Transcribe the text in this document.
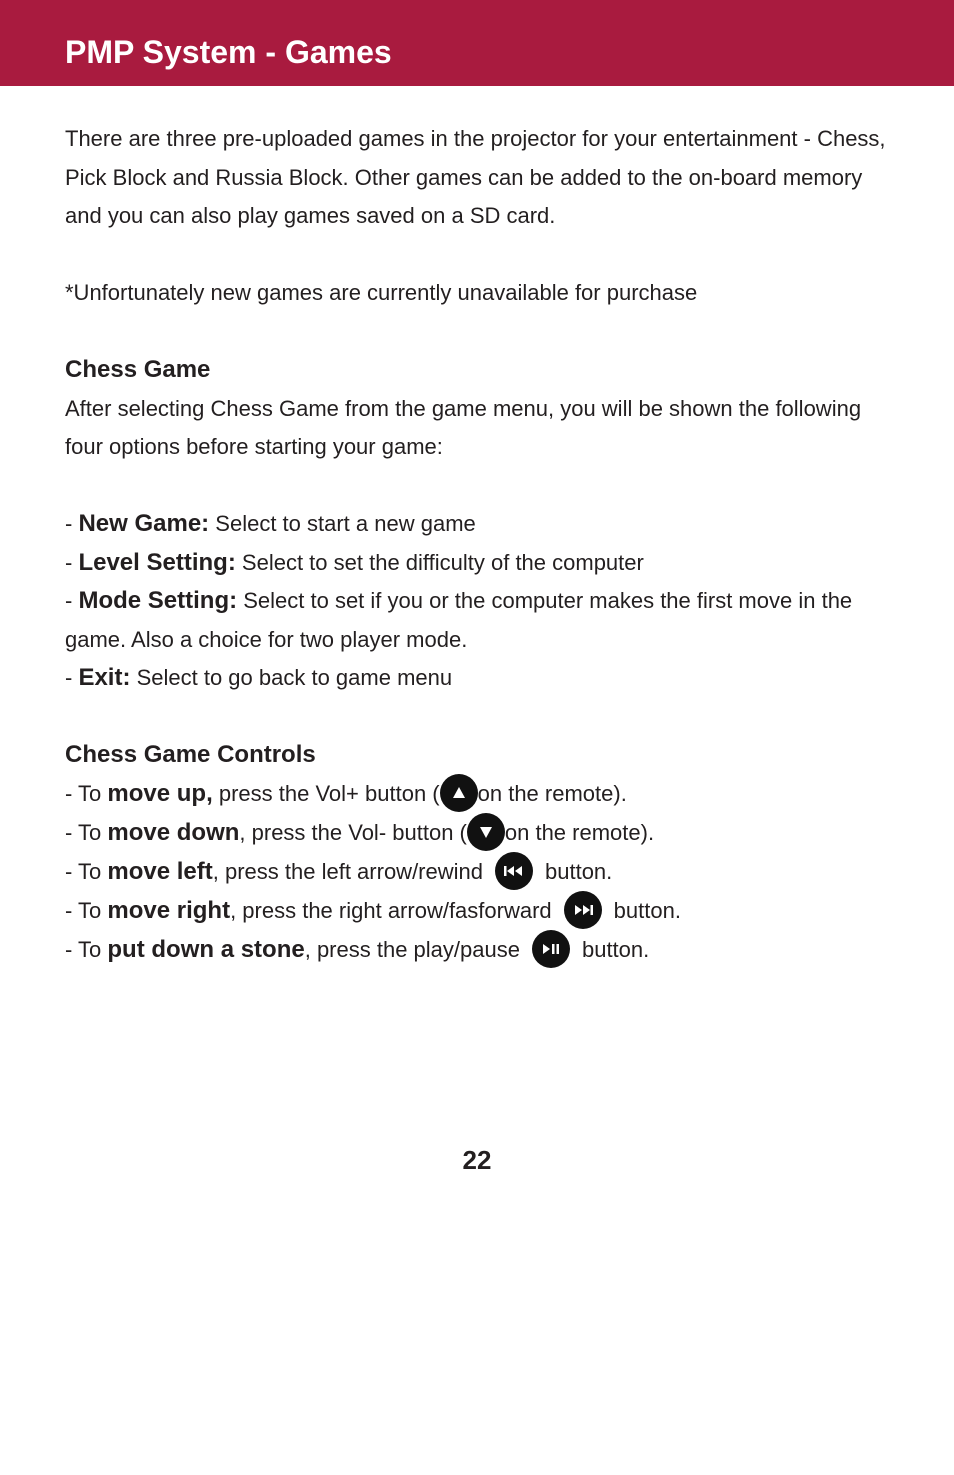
PMP System - Games

There are three pre-uploaded games in the projector for your entertainment - Chess, Pick Block and Russia Block. Other games can be added to the on-board memory and you can also play games saved on a SD card.

*Unfortunately new games are currently unavailable for purchase

Chess Game

After selecting Chess Game from the game menu, you will be shown the following four options before starting your game:

- New Game: Select to start a new game

- Level Setting: Select to set the difficulty of the computer

- Mode Setting: Select to set if you or the computer makes the first move in the game. Also a choice for two player mode.

- Exit: Select to go back to game menu

Chess Game Controls

- To move up, press the Vol+ button ( on the remote).

- To move down, press the Vol- button ( on the remote).

- To move left, press the left arrow/rewind	button.

- To move right, press the right arrow/fasforward	button.

- To put down a stone, press the play/pause	button.

22
